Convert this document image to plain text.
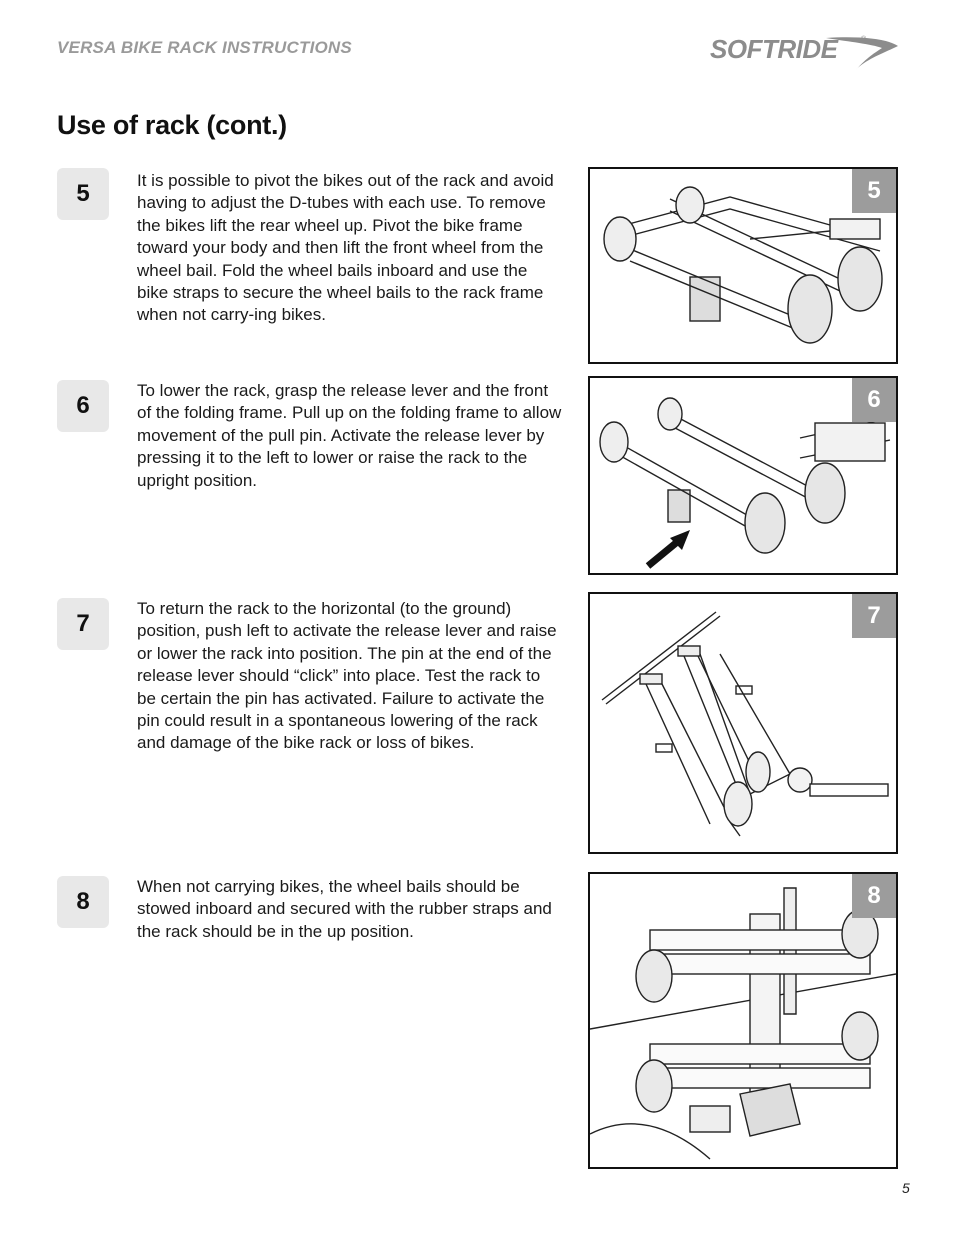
VERSA BIKE RACK INSTRUCTIONS	SOFTRIDE	®
Use of rack (cont.)
5	It is possible to pivot the bikes out of the rack and avoid having to adjust the D-tubes with each use. To remove the bikes lift the rear wheel up. Pivot the bike frame toward your body and then lift the front wheel from the wheel bail. Fold the wheel bails inboard and use the bike straps to secure the wheel bails to the rack frame when not carry-ing bikes.
5
6
To lower the rack, grasp the release lever and the front of the folding frame. Pull up on the folding frame to allow movement of the pull pin. Activate the release lever by pressing it to the left to lower or raise the rack to the upright position.
6
7
To return the rack to the horizontal (to the ground) position, push left to activate the release lever and raise or lower the rack into position. The pin at the end of the release lever should “click” into place. Test the rack to be certain the pin has activated. Failure to activate the pin could result in a spontaneous lowering of the rack and damage of the bike rack or loss of bikes.
7
8
When not carrying bikes, the wheel bails should be stowed inboard and secured with the rubber straps and the rack should be in the up position.
8
5
